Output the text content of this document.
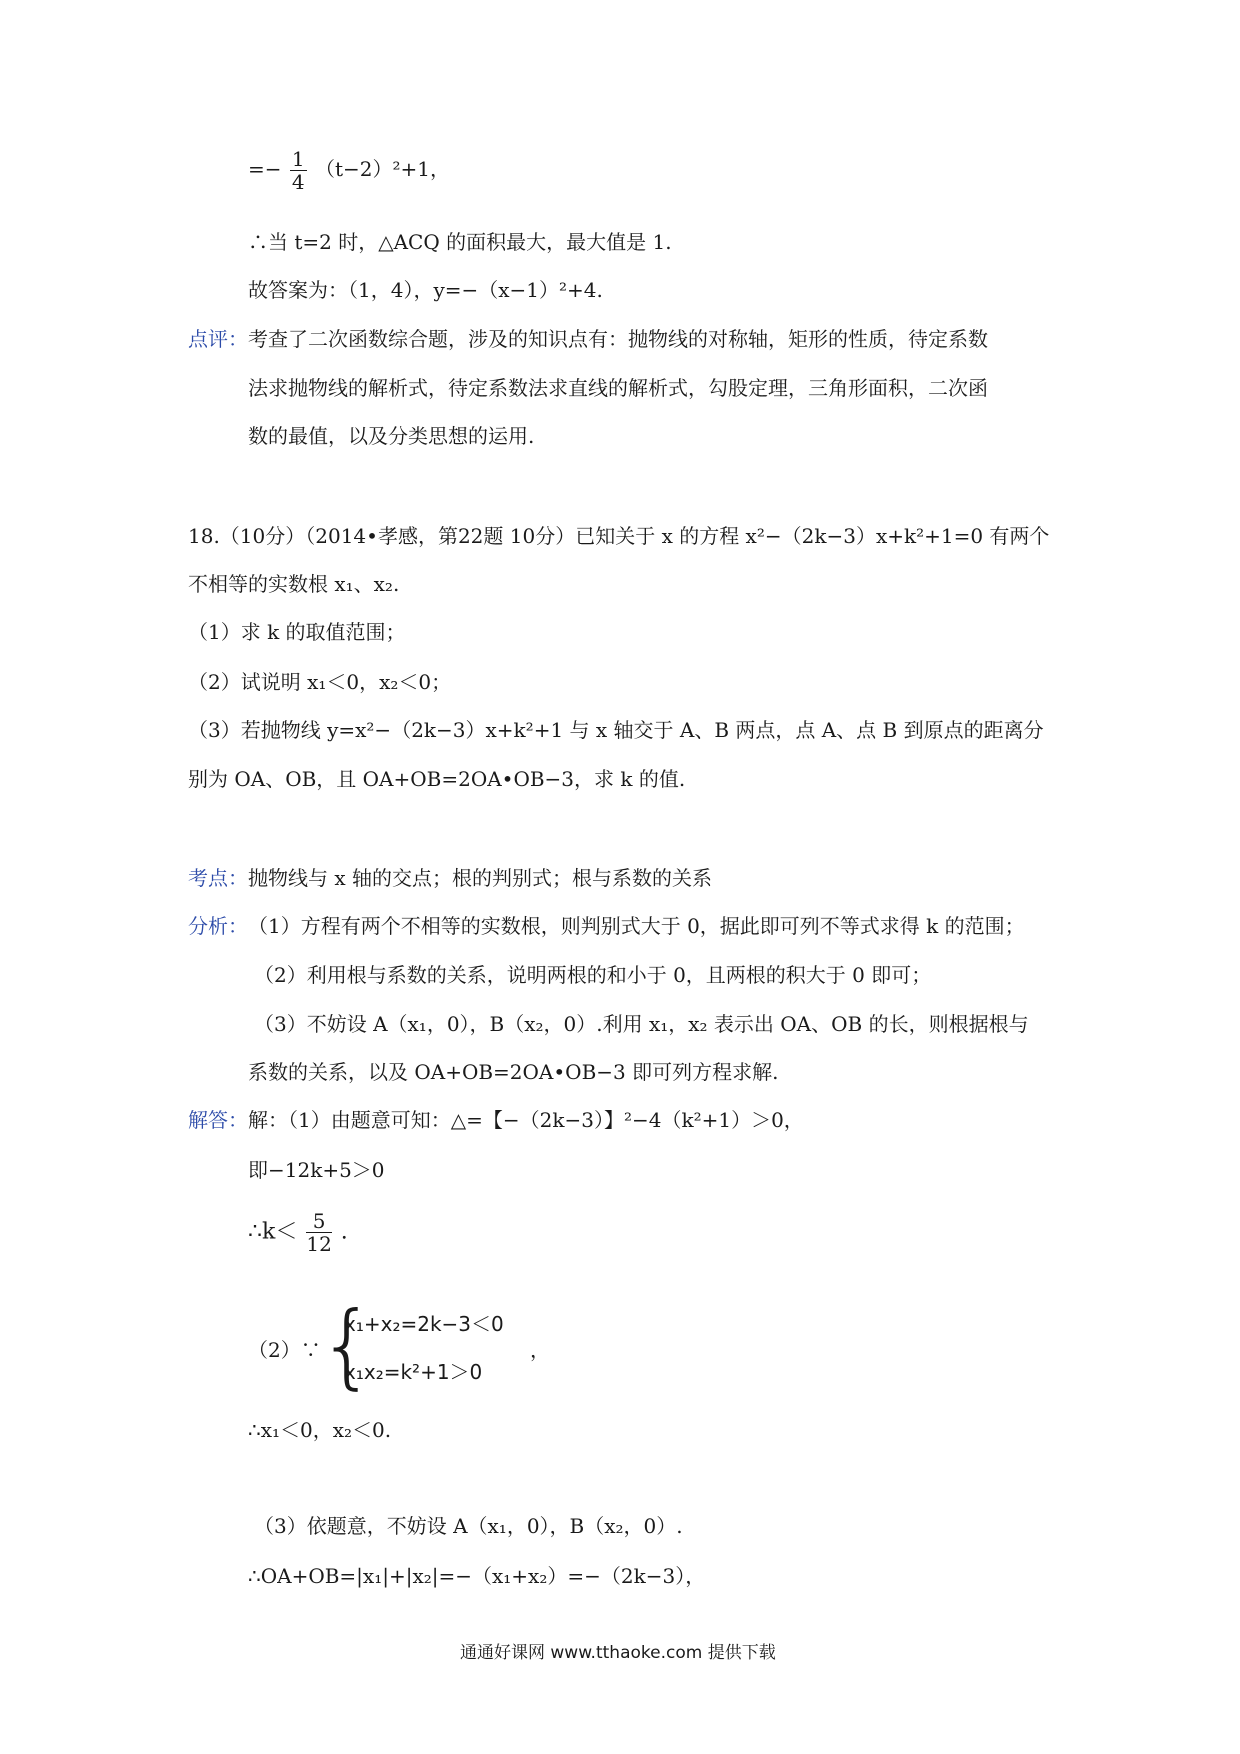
=− $\frac{1}{4} (t-2)^2+1$，
∴当 t=2 时，△ACQ 的面积最大，最大值是 1.
故答案为：（1，4），y=−（x−1）²+4.
点评： 考查了二次函数综合题，涉及的知识点有：抛物线的对称轴，矩形的性质，待定系数
法求抛物线的解析式，待定系数法求直线的解析式，勾股定理，三角形面积，二次函
数的最值，以及分类思想的运用.
18.（10分）（2014•孝感，第22题 10分）已知关于 x 的方程 x²−（2k−3）x+k²+1=0 有两个
不相等的实数根 x₁、x₂.
（1）求 k 的取值范围；
（2）试说明 x₁＜0，x₂＜0；
（3）若抛物线 y=x²−（2k−3）x+k²+1 与 x 轴交于 A、B 两点，点 A、点 B 到原点的距离分
别为 OA、OB，且 OA+OB=2OA•OB−3，求 k 的值.
考点： 抛物线与 x 轴的交点；根的判别式；根与系数的关系
分析： （1）方程有两个不相等的实数根，则判别式大于 0，据此即可列不等式求得 k 的范围；
（2）利用根与系数的关系，说明两根的和小于 0，且两根的积大于 0 即可；
（3）不妨设 A（x₁，0），B（x₂，0）.利用 x₁，x₂ 表示出 OA、OB 的长，则根据根与
系数的关系，以及 OA+OB=2OA•OB−3 即可列方程求解.
解答： 解：（1）由题意可知：△=【−（2k−3）】²−4（k²+1）＞0，
即−12k+5＞0
∴k＜ $\frac{5}{12}$ .
（2）∵
{
x₁+x₂=2k−3＜0
x₁x₂=k²+1＞0
，
∴x₁＜0，x₂＜0.
（3）依题意，不妨设 A（x₁，0），B（x₂，0）.
∴OA+OB=|x₁|+|x₂|=−（x₁+x₂）=−（2k−3），
通通好课网 www.tthaoke.com 提供下载
